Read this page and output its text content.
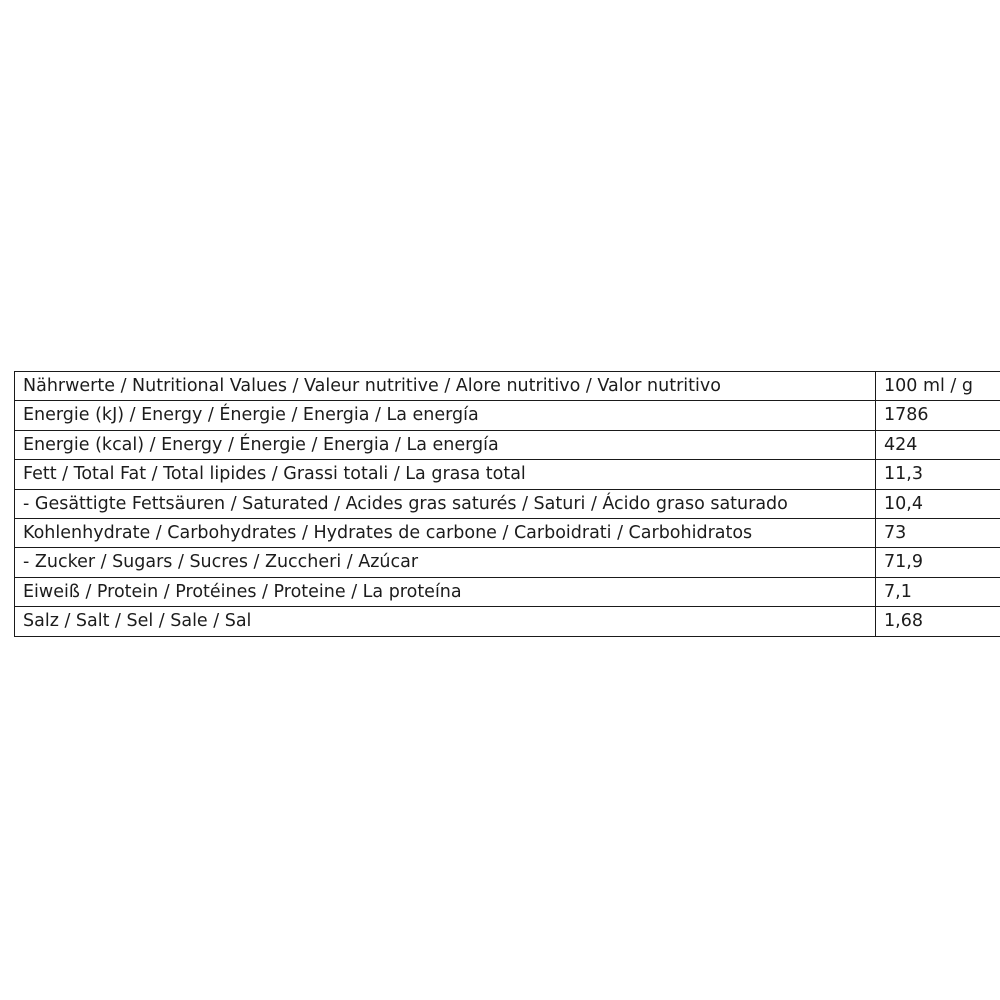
Nährwerte / Nutritional Values / Valeur nutritive / Alore nutritivo / Valor nutritivo	100 ml / g
Energie (kJ) / Energy / Énergie / Energia / La energía	1786
Energie (kcal) / Energy / Énergie / Energia / La energía	424
Fett / Total Fat / Total lipides / Grassi totali / La grasa total	11,3
- Gesättigte Fettsäuren / Saturated / Acides gras saturés / Saturi / Ácido graso saturado	10,4
Kohlenhydrate / Carbohydrates / Hydrates de carbone / Carboidrati / Carbohidratos	73
- Zucker / Sugars / Sucres / Zuccheri / Azúcar	71,9
Eiweiß / Protein / Protéines / Proteine / La proteína	7,1
Salz / Salt / Sel / Sale / Sal	1,68
